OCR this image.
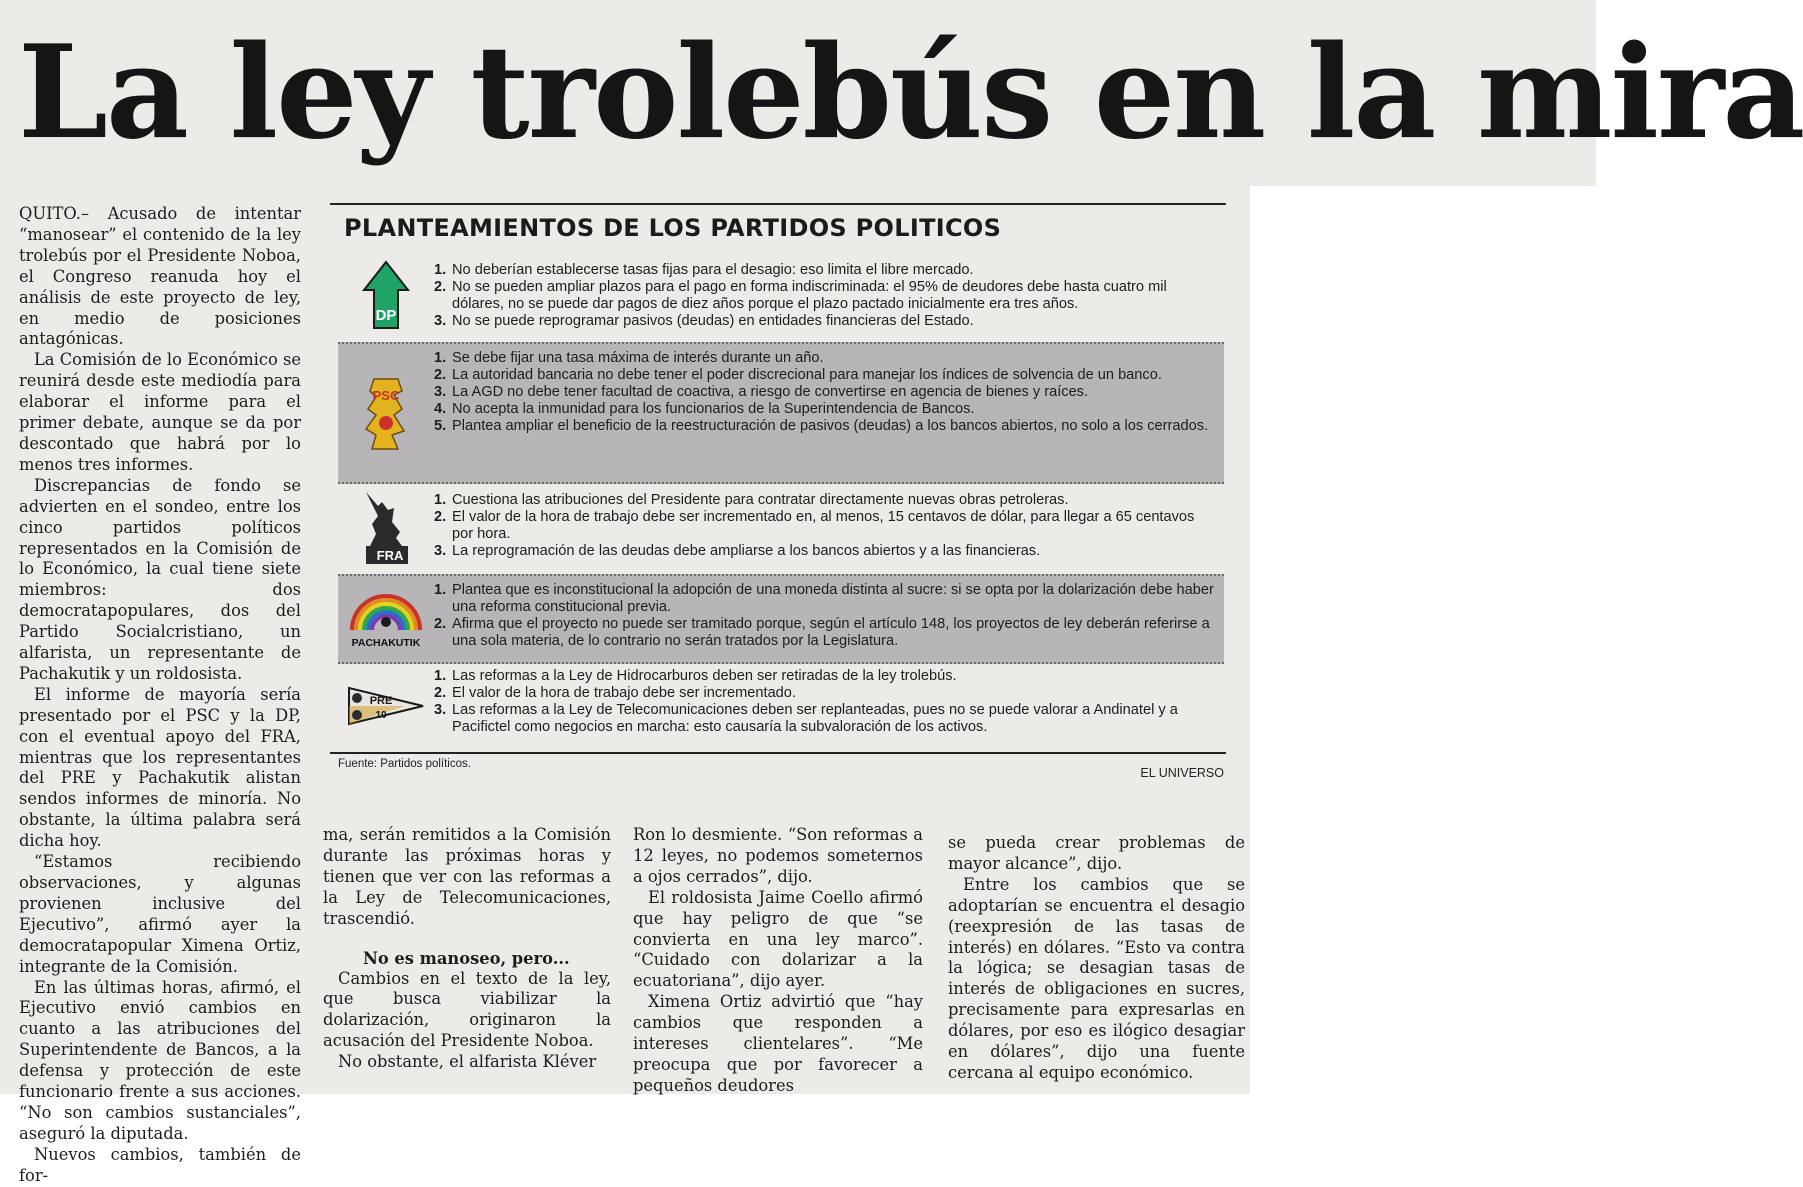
La ley trolebús en la mira

QUITO.– Acusado de intentar “manosear” el contenido de la ley trolebús por el Presidente Noboa, el Congreso reanuda hoy el análisis de este proyecto de ley, en medio de posiciones antagónicas.

La Comisión de lo Económico se reunirá desde este mediodía para elaborar el informe para el primer debate, aunque se da por descontado que habrá por lo menos tres informes.

Discrepancias de fondo se advierten en el sondeo, entre los cinco partidos políticos representados en la Comisión de lo Económico, la cual tiene siete miembros: dos democratapopulares, dos del Partido Socialcristiano, un alfarista, un representante de Pachakutik y un roldosista.

El informe de mayoría sería presentado por el PSC y la DP, con el eventual apoyo del FRA, mientras que los representantes del PRE y Pachakutik alistan sendos informes de minoría. No obstante, la última palabra será dicha hoy.

“Estamos recibiendo observaciones, y algunas provienen inclusive del Ejecutivo”, afirmó ayer la democratapopular Ximena Ortiz, integrante de la Comisión.

En las últimas horas, afirmó, el Ejecutivo envió cambios en cuanto a las atribuciones del Superintendente de Bancos, a la defensa y protección de este funcionario frente a sus acciones. “No son cambios sustanciales”, aseguró la diputada.

Nuevos cambios, también de for-

ma, serán remitidos a la Comisión durante las próximas horas y tienen que ver con las reformas a la Ley de Telecomunicaciones, trascendió.

No es manoseo, pero...

Cambios en el texto de la ley, que busca viabilizar la dolarización, originaron la acusación del Presidente Noboa.

No obstante, el alfarista Kléver

Ron lo desmiente. “Son reformas a 12 leyes, no podemos someternos a ojos cerrados”, dijo.

El roldosista Jaime Coello afirmó que hay peligro de que “se convierta en una ley marco”. “Cuidado con dolarizar a la ecuatoriana”, dijo ayer.

Ximena Ortiz advirtió que “hay cambios que responden a intereses clientelares”. “Me preocupa que por favorecer a pequeños deudores

se pueda crear problemas de mayor alcance”, dijo.

Entre los cambios que se adoptarían se encuentra el desagio (reexpresión de las tasas de interés) en dólares. “Esto va contra la lógica; se desagian tasas de interés de obligaciones en sucres, precisamente para expresarlas en dólares, por eso es ilógico desagiar en dólares”, dijo una fuente cercana al equipo económico.

PLANTEAMIENTOS DE LOS PARTIDOS POLITICOS
DP
1. No deberían establecerse tasas fijas para el desagio: eso limita el libre mercado.
2. No se pueden ampliar plazos para el pago en forma indiscriminada: el 95% de deudores debe hasta cuatro mil dólares, no se puede dar pagos de diez años porque el plazo pactado inicialmente era tres años.
3. No se puede reprogramar pasivos (deudas) en entidades financieras del Estado.
PSC
1. Se debe fijar una tasa máxima de interés durante un año.
2. La autoridad bancaria no debe tener el poder discrecional para manejar los índices de solvencia de un banco.
3. La AGD no debe tener facultad de coactiva, a riesgo de convertirse en agencia de bienes y raíces.
4. No acepta la inmunidad para los funcionarios de la Superintendencia de Bancos.
5. Plantea ampliar el beneficio de la reestructuración de pasivos (deudas) a los bancos abiertos, no solo a los cerrados.
FRA
1. Cuestiona las atribuciones del Presidente para contratar directamente nuevas obras petroleras.
2. El valor de la hora de trabajo debe ser incrementado en, al menos, 15 centavos de dólar, para llegar a 65 centavos por hora.
3. La reprogramación de las deudas debe ampliarse a los bancos abiertos y a las financieras.
PACHAKUTIK
1. Plantea que es inconstitucional la adopción de una moneda distinta al sucre: si se opta por la dolarización debe haber una reforma constitucional previa.
2. Afirma que el proyecto no puede ser tramitado porque, según el artículo 148, los proyectos de ley deberán referirse a una sola materia, de lo contrario no serán tratados por la Legislatura.
PRE
10
1. Las reformas a la Ley de Hidrocarburos deben ser retiradas de la ley trolebús.
2. El valor de la hora de trabajo debe ser incrementado.
3. Las reformas a la Ley de Telecomunicaciones deben ser replanteadas, pues no se puede valorar a Andinatel y a Pacifictel como negocios en marcha: esto causaría la subvaloración de los activos.
Fuente: Partidos políticos.
EL UNIVERSO
